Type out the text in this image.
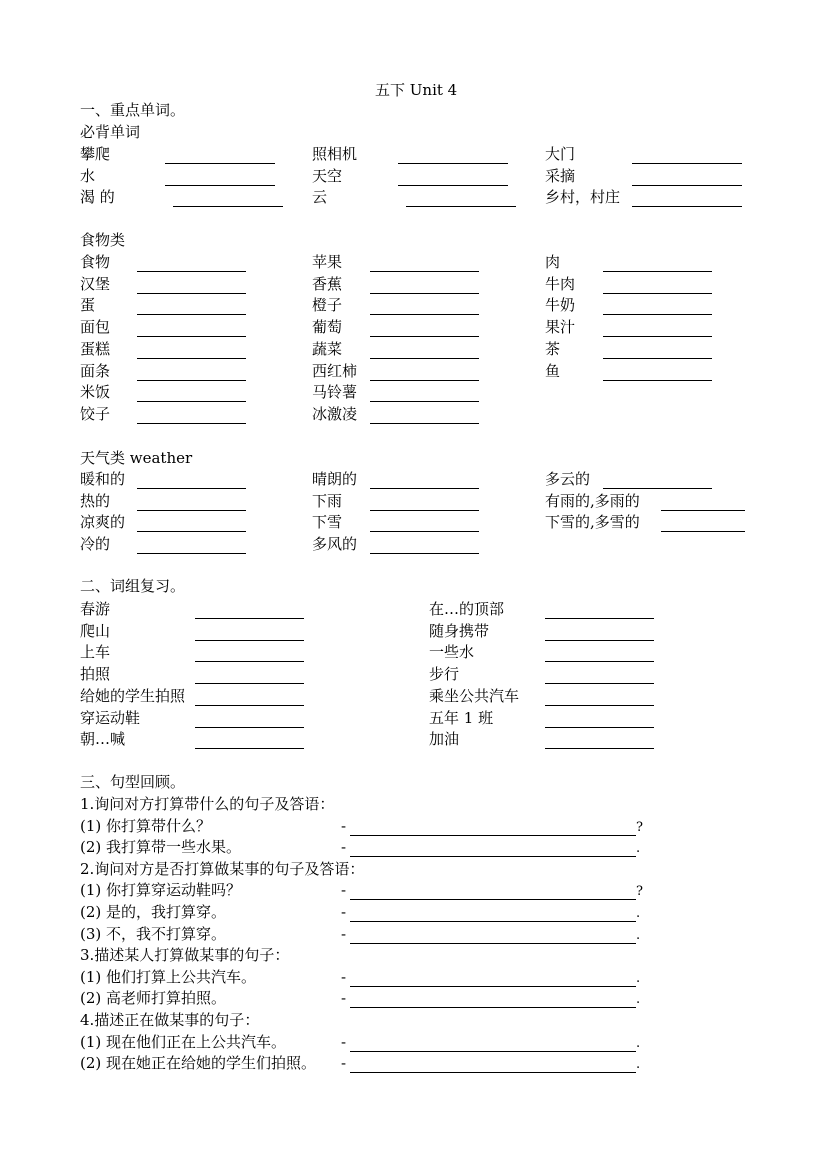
五下 Unit 4
一、重点单词。
必背单词
攀爬	照相机	大门
水	天空	采摘
渴 的	云	乡村，村庄
食物类
食物	苹果	肉
汉堡	香蕉	牛肉
蛋	橙子	牛奶
面包	葡萄	果汁
蛋糕	蔬菜	茶
面条	西红柿	鱼
米饭	马铃薯
饺子	冰激凌
天气类 weather
暖和的	晴朗的	多云的
热的	下雨	有雨的,多雨的
凉爽的	下雪	下雪的,多雪的
冷的	多风的
二、词组复习。
春游	在…的顶部
爬山	随身携带
上车	一些水
拍照	步行
给她的学生拍照	乘坐公共汽车
穿运动鞋	五年 1 班
朝…喊	加油
三、句型回顾。
1.询问对方打算带什么的句子及答语：
(1) 你打算带什么？	-	?
(2) 我打算带一些水果。	-	.
2.询问对方是否打算做某事的句子及答语：
(1) 你打算穿运动鞋吗？	-	?
(2) 是的，我打算穿。	-	.
(3) 不，我不打算穿。	-	.
3.描述某人打算做某事的句子：
(1) 他们打算上公共汽车。	-	.
(2) 高老师打算拍照。	-	.
4.描述正在做某事的句子：
(1) 现在他们正在上公共汽车。	-	.
(2) 现在她正在给她的学生们拍照。 -	.
